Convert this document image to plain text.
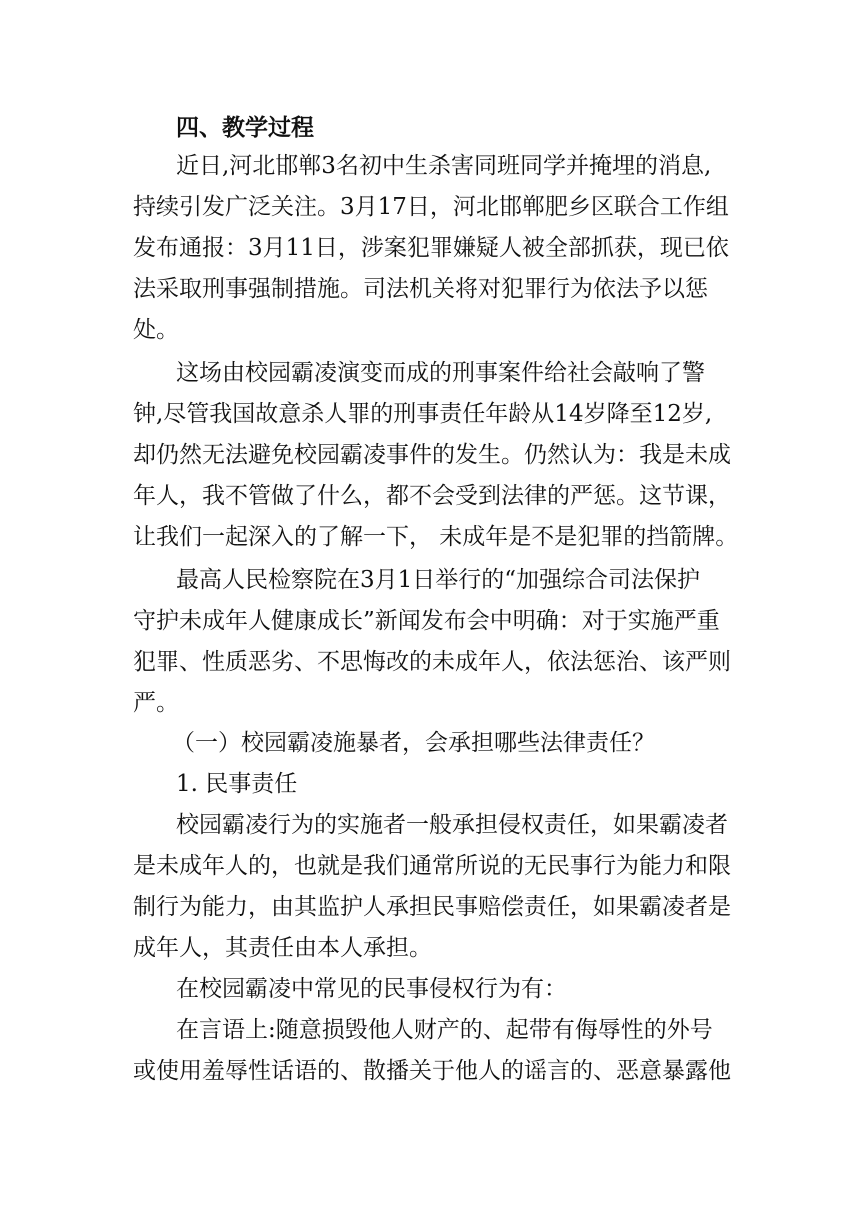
四、教学过程
近日,河北邯郸3名初中生杀害同班同学并掩埋的消息,
持续引发广泛关注。3月17日，河北邯郸肥乡区联合工作组
发布通报：3月11日，涉案犯罪嫌疑人被全部抓获，现已依
法采取刑事强制措施。司法机关将对犯罪行为依法予以惩
处。
这场由校园霸凌演变而成的刑事案件给社会敲响了警
钟,尽管我国故意杀人罪的刑事责任年龄从14岁降至12岁,
却仍然无法避免校园霸凌事件的发生。仍然认为：我是未成
年人，我不管做了什么，都不会受到法律的严惩。这节课，
让我们一起深入的了解一下， 未成年是不是犯罪的挡箭牌。
最高人民检察院在3月1日举行的“加强综合司法保护
守护未成年人健康成长”新闻发布会中明确：对于实施严重
犯罪、性质恶劣、不思悔改的未成年人，依法惩治、该严则
严。
（一）校园霸凌施暴者，会承担哪些法律责任？
1. 民事责任
校园霸凌行为的实施者一般承担侵权责任，如果霸凌者
是未成年人的，也就是我们通常所说的无民事行为能力和限
制行为能力，由其监护人承担民事赔偿责任，如果霸凌者是
成年人，其责任由本人承担。
在校园霸凌中常见的民事侵权行为有：
在言语上:随意损毁他人财产的、起带有侮辱性的外号
或使用羞辱性话语的、散播关于他人的谣言的、恶意暴露他
